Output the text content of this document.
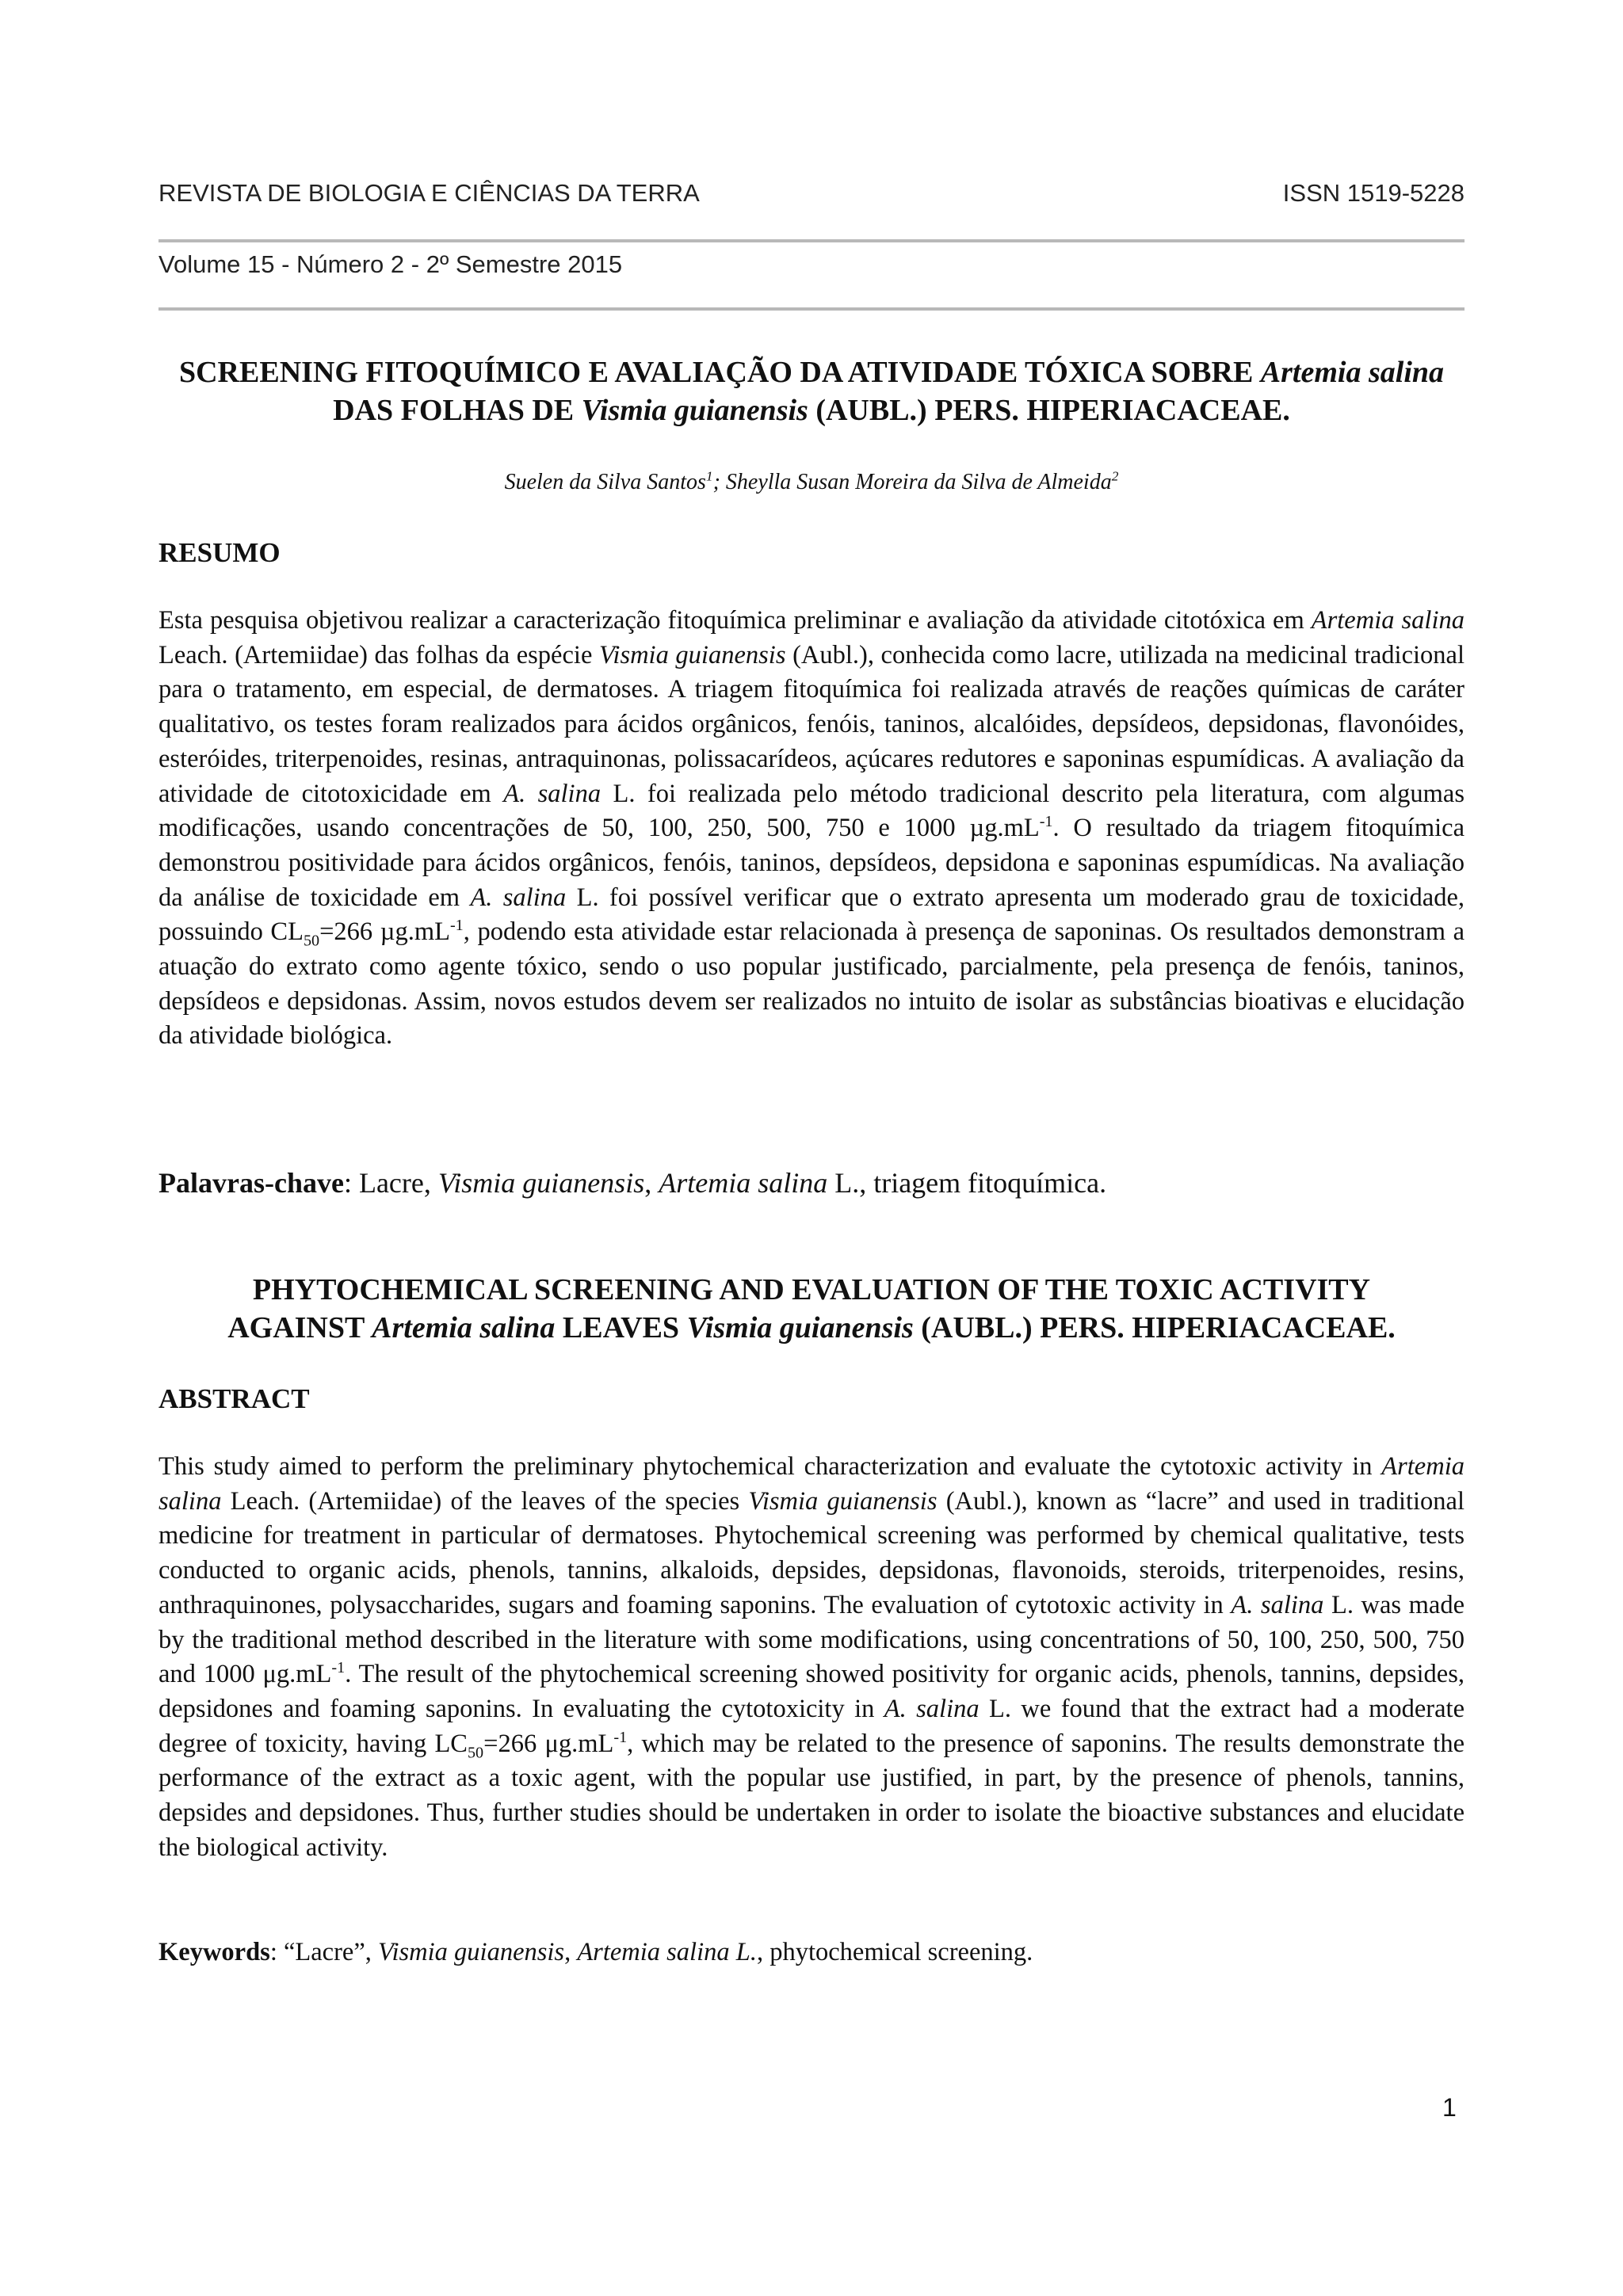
REVISTA DE BIOLOGIA E CIÊNCIAS DA TERRA	ISSN 1519-5228
Volume 15 - Número 2 - 2º Semestre 2015
SCREENING FITOQUÍMICO E AVALIAÇÃO DA ATIVIDADE TÓXICA SOBRE Artemia salina DAS FOLHAS DE Vismia guianensis (AUBL.) PERS. HIPERIACACEAE.
Suelen da Silva Santos$^1$; Sheylla Susan Moreira da Silva de Almeida$^2$
RESUMO

Esta pesquisa objetivou realizar a caracterização fitoquímica preliminar e avaliação da atividade citotóxica em Artemia salina Leach. (Artemiidae) das folhas da espécie Vismia guianensis (Aubl.), conhecida como lacre, utilizada na medicinal tradicional para o tratamento, em especial, de dermatoses. A triagem fitoquímica foi realizada através de reações químicas de caráter qualitativo, os testes foram realizados para ácidos orgânicos, fenóis, taninos, alcalóides, depsídeos, depsidonas, flavonóides, esteróides, triterpenoides, resinas, antraquinonas, polissacarídeos, açúcares redutores e saponinas espumídicas. A avaliação da atividade de citotoxicidade em A. salina L. foi realizada pelo método tradicional descrito pela literatura, com algumas modificações, usando concentrações de 50, 100, 250, 500, 750 e 1000 $\mu g.mL^{-1}$. O resultado da triagem fitoquímica demonstrou positividade para ácidos orgânicos, fenóis, taninos, depsídeos, depsidona e saponinas espumídicas. Na avaliação da análise de toxicidade em A. salina L. foi possível verificar que o extrato apresenta um moderado grau de toxicidade, possuindo $CL_{50}=266$ $\mu g.mL^{-1}$, podendo esta atividade estar relacionada à presença de saponinas. Os resultados demonstram a atuação do extrato como agente tóxico, sendo o uso popular justificado, parcialmente, pela presença de fenóis, taninos, depsídeos e depsidonas. Assim, novos estudos devem ser realizados no intuito de isolar as substâncias bioativas e elucidação da atividade biológica.

Palavras-chave: Lacre, Vismia guianensis, Artemia salina L., triagem fitoquímica.
PHYTOCHEMICAL SCREENING AND EVALUATION OF THE TOXIC ACTIVITY
AGAINST Artemia salina LEAVES Vismia guianensis (AUBL.) PERS. HIPERIACACEAE.
ABSTRACT

This study aimed to perform the preliminary phytochemical characterization and evaluate the cytotoxic activity in Artemia salina Leach. (Artemiidae) of the leaves of the species Vismia guianensis (Aubl.), known as “lacre” and used in traditional medicine for treatment in particular of dermatoses. Phytochemical screening was performed by chemical qualitative, tests conducted to organic acids, phenols, tannins, alkaloids, depsides, depsidonas, flavonoids, steroids, triterpenoides, resins, anthraquinones, polysaccharides, sugars and foaming saponins. The evaluation of cytotoxic activity in A. salina L. was made by the traditional method described in the literature with some modifications, using concentrations of 50, 100, 250, 500, 750 and 1000 $\mu g.mL^{-1}$. The result of the phytochemical screening showed positivity for organic acids, phenols, tannins, depsides, depsidones and foaming saponins. In evaluating the cytotoxicity in A. salina L. we found that the extract had a moderate degree of toxicity, having $LC_{50}=266$ $\mu g.mL^{-1}$, which may be related to the presence of saponins. The results demonstrate the performance of the extract as a toxic agent, with the popular use justified, in part, by the presence of phenols, tannins, depsides and depsidones. Thus, further studies should be undertaken in order to isolate the bioactive substances and elucidate the biological activity.

Keywords: “Lacre”, Vismia guianensis, Artemia salina L., phytochemical screening.
1
